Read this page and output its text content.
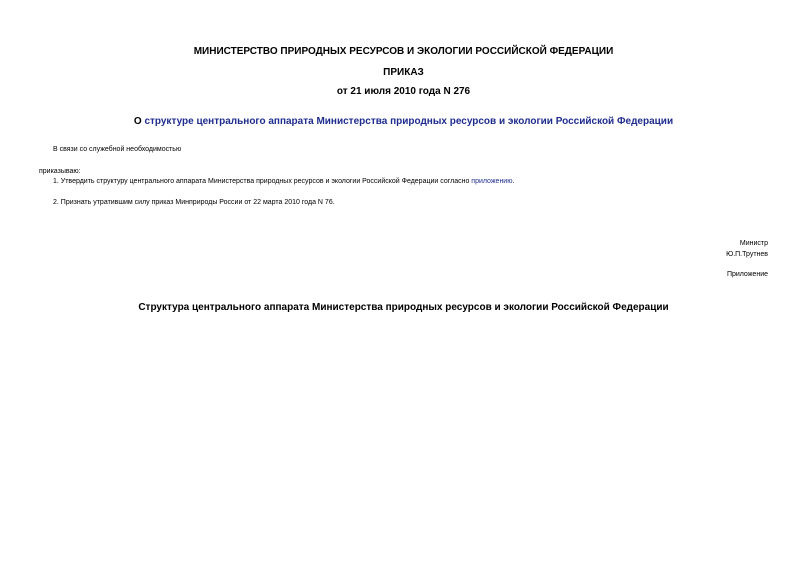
МИНИСТЕРСТВО ПРИРОДНЫХ РЕСУРСОВ И ЭКОЛОГИИ РОССИЙСКОЙ ФЕДЕРАЦИИ
ПРИКАЗ
от 21 июля 2010 года N 276
О структуре центрального аппарата Министерства природных ресурсов и экологии Российской Федерации
В связи со служебной необходимостью
приказываю:
1. Утвердить структуру центрального аппарата Министерства природных ресурсов и экологии Российской Федерации согласно приложению.
2. Признать утратившим силу приказ Минприроды России от 22 марта 2010 года N 76.
Министр
Ю.П.Трутнев
Приложение
Структура центрального аппарата Министерства природных ресурсов и экологии Российской Федерации
